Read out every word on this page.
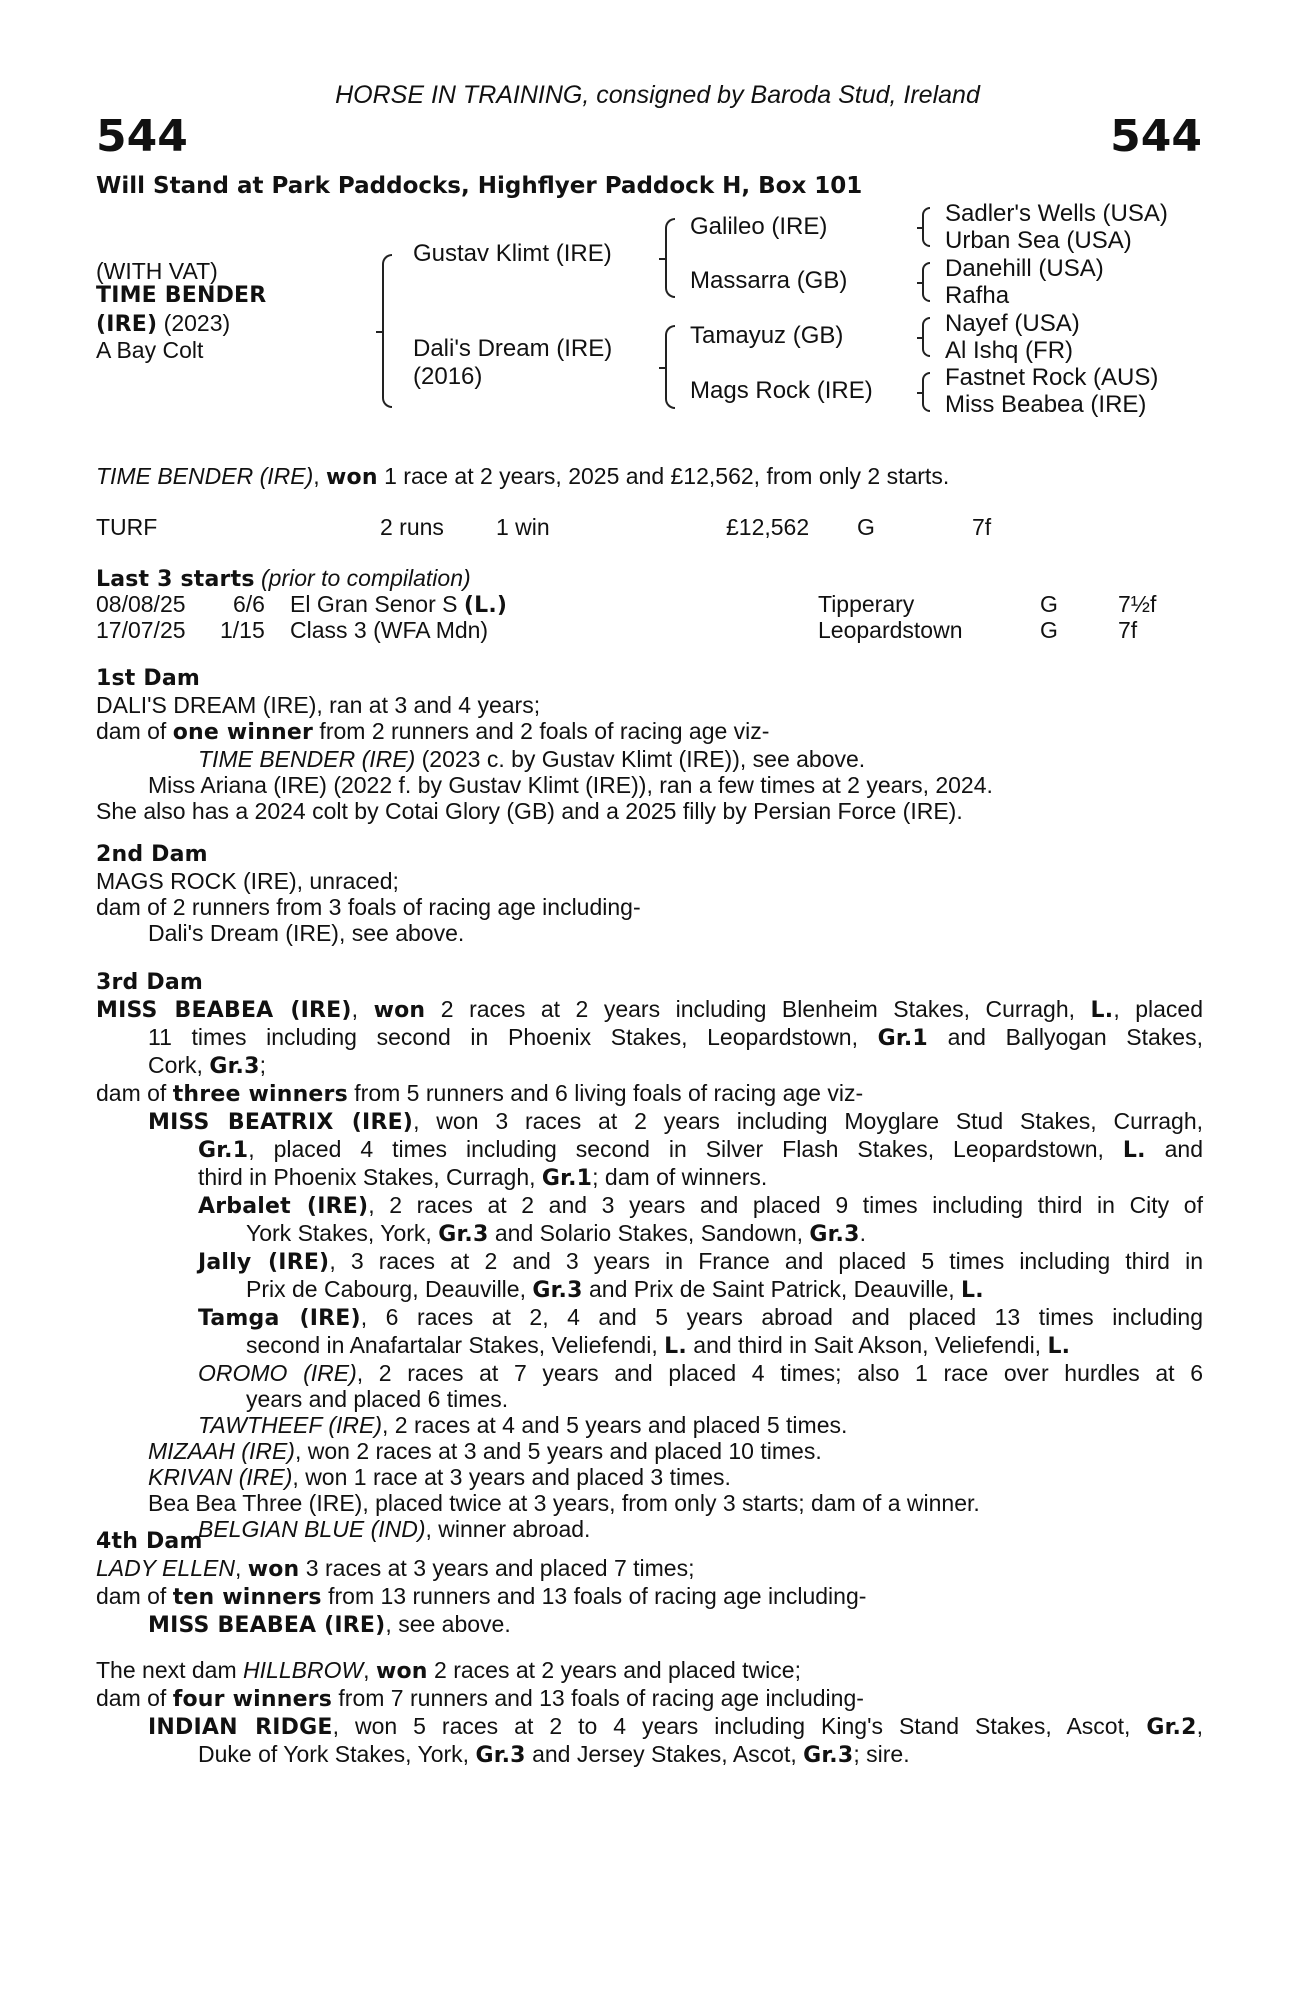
HORSE IN TRAINING, consigned by Baroda Stud, Ireland
544	544
Will Stand at Park Paddocks, Highflyer Paddock H, Box 101
(WITH VAT)
TIME BENDER
(IRE) (2023)
A Bay Colt
Gustav Klimt (IRE)
Dali's Dream (IRE)
(2016)
Galileo (IRE)
Massarra (GB)
Tamayuz (GB)
Mags Rock (IRE)
Sadler's Wells (USA)
Urban Sea (USA)
Danehill (USA)
Rafha
Nayef (USA)
Al Ishq (FR)
Fastnet Rock (AUS)
Miss Beabea (IRE)
TIME BENDER (IRE), won 1 race at 2 years, 2025 and £12,562, from only 2 starts.
TURF	2 runs 1 win	£12,562 G	7f
Last 3 starts (prior to compilation)
08/08/25 6/6 El Gran Senor S (L.)	Tipperary	G	7½f
17/07/25 1/15 Class 3 (WFA Mdn)	Leopardstown	G	7f
1st Dam
DALI'S DREAM (IRE), ran at 3 and 4 years;
dam of one winner from 2 runners and 2 foals of racing age viz-
TIME BENDER (IRE) (2023 c. by Gustav Klimt (IRE)), see above.
Miss Ariana (IRE) (2022 f. by Gustav Klimt (IRE)), ran a few times at 2 years, 2024.
She also has a 2024 colt by Cotai Glory (GB) and a 2025 filly by Persian Force (IRE).
2nd Dam
MAGS ROCK (IRE), unraced;
dam of 2 runners from 3 foals of racing age including-
Dali's Dream (IRE), see above.
3rd Dam
MISS BEABEA (IRE), won 2 races at 2 years including Blenheim Stakes, Curragh, L., placed
11 times including second in Phoenix Stakes, Leopardstown, Gr.1 and Ballyogan Stakes,
Cork, Gr.3;
dam of three winners from 5 runners and 6 living foals of racing age viz-
MISS BEATRIX (IRE), won 3 races at 2 years including Moyglare Stud Stakes, Curragh,
Gr.1, placed 4 times including second in Silver Flash Stakes, Leopardstown, L. and
third in Phoenix Stakes, Curragh, Gr.1; dam of winners.
Arbalet (IRE), 2 races at 2 and 3 years and placed 9 times including third in City of
York Stakes, York, Gr.3 and Solario Stakes, Sandown, Gr.3.
Jally (IRE), 3 races at 2 and 3 years in France and placed 5 times including third in
Prix de Cabourg, Deauville, Gr.3 and Prix de Saint Patrick, Deauville, L.
Tamga (IRE), 6 races at 2, 4 and 5 years abroad and placed 13 times including
second in Anafartalar Stakes, Veliefendi, L. and third in Sait Akson, Veliefendi, L.
OROMO (IRE), 2 races at 7 years and placed 4 times; also 1 race over hurdles at 6
years and placed 6 times.
TAWTHEEF (IRE), 2 races at 4 and 5 years and placed 5 times.
MIZAAH (IRE), won 2 races at 3 and 5 years and placed 10 times.
KRIVAN (IRE), won 1 race at 3 years and placed 3 times.
Bea Bea Three (IRE), placed twice at 3 years, from only 3 starts; dam of a winner.
BELGIAN BLUE (IND), winner abroad.
4th Dam
LADY ELLEN, won 3 races at 3 years and placed 7 times;
dam of ten winners from 13 runners and 13 foals of racing age including-
MISS BEABEA (IRE), see above.
The next dam HILLBROW, won 2 races at 2 years and placed twice;
dam of four winners from 7 runners and 13 foals of racing age including-
INDIAN RIDGE, won 5 races at 2 to 4 years including King's Stand Stakes, Ascot, Gr.2,
Duke of York Stakes, York, Gr.3 and Jersey Stakes, Ascot, Gr.3; sire.
